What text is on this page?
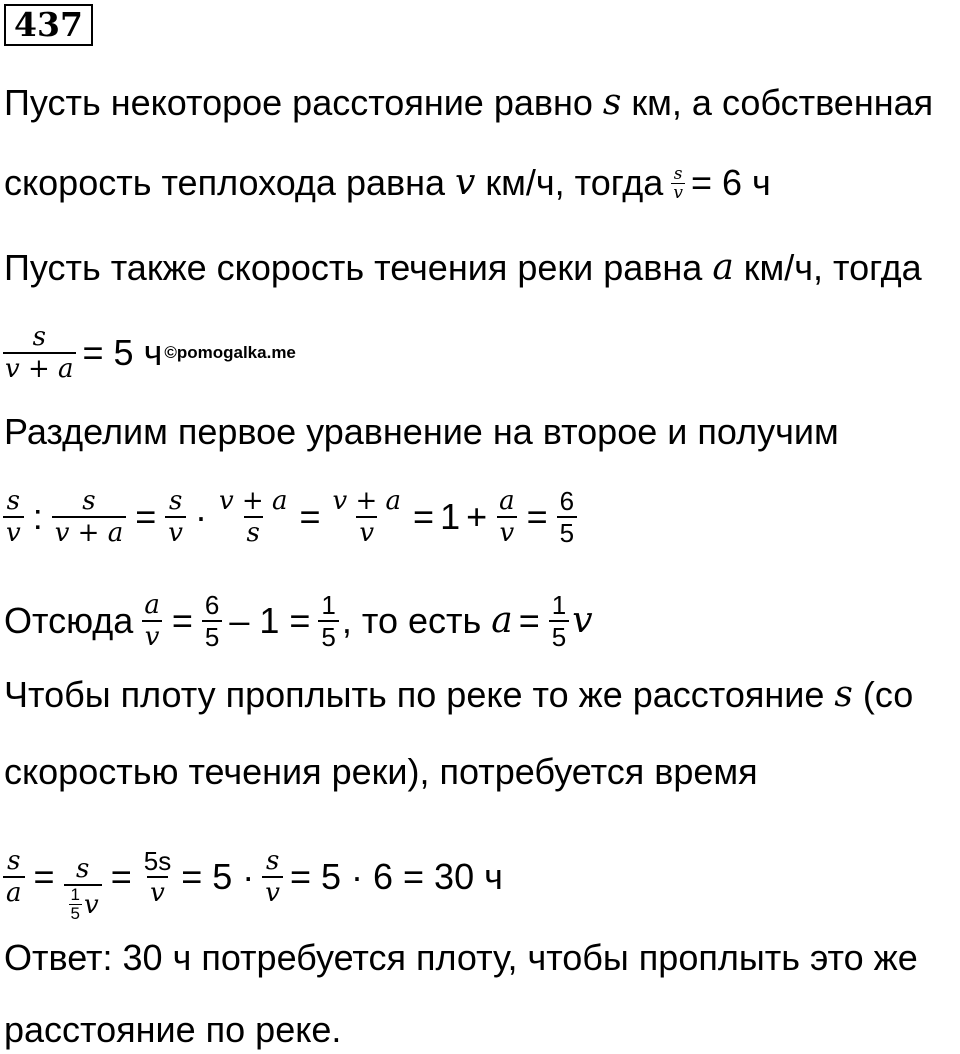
437
Пусть некоторое расстояние равно
s
км, а собственная
скорость теплохода равна
v
км/ч, тогда $\frac{s}{v} = 6$ ч
Пусть также скорость течения реки равна
a
км/ч, тогда
$\frac{s}{v + a} = 5$ ч ©pomogalka.me
Разделим первое уравнение на второе и получим
$\frac{s}{v}$ : $\frac{s}{v + a} = \frac{s}{v} \cdot \frac{v + a}{s} = \frac{v + a}{v} = 1 + \frac{a}{v} = \frac{6}{5}$
Отсюда $\frac{a}{v} = \frac{6}{5} - 1 = \frac{1}{5}$ , то есть $a = \frac{1}{5}$ v
Чтобы плоту проплыть по реке то же расстояние
s
(со
скоростью течения реки), потребуется время
$\frac{s}{a} = \frac{s}{\frac{1}{5} v} = \frac{5s}{v} = 5 \cdot \frac{s}{v} = 5 \cdot 6 = 30$ ч
Ответ: 30 ч потребуется плоту, чтобы проплыть это же
расстояние по реке.
